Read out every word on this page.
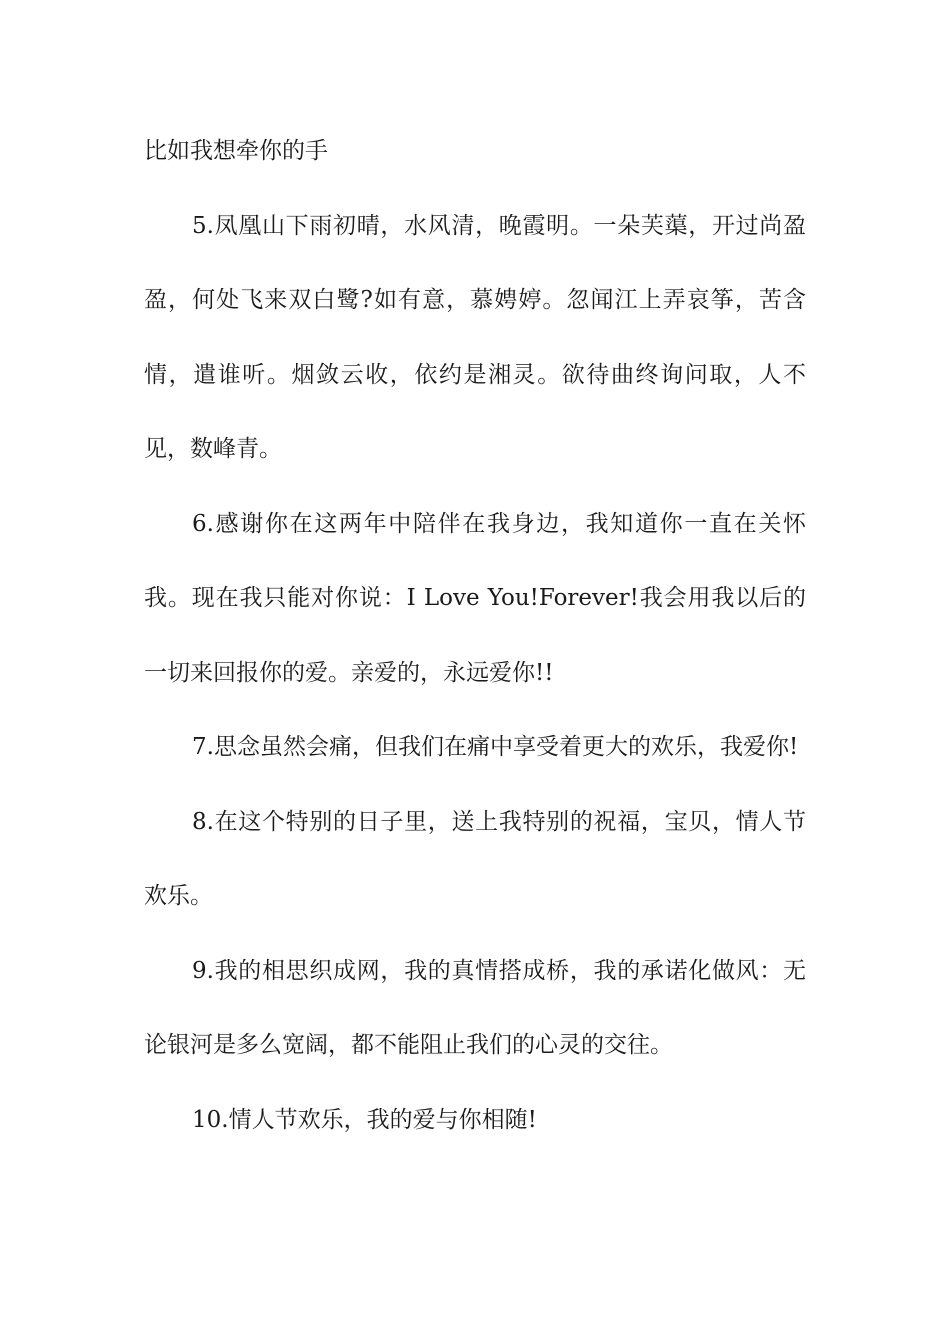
比如我想牵你的手

5.凤凰山下雨初晴，水风清，晚霞明。一朵芙蕖，开过尚盈盈，何处飞来双白鹭?如有意，慕娉婷。忽闻江上弄哀筝，苦含情，遣谁听。烟敛云收，依约是湘灵。欲待曲终询问取，人不见，数峰青。

6.感谢你在这两年中陪伴在我身边，我知道你一直在关怀我。现在我只能对你说：I Love You!Forever!我会用我以后的一切来回报你的爱。亲爱的，永远爱你!!

7.思念虽然会痛，但我们在痛中享受着更大的欢乐，我爱你!

8.在这个特别的日子里，送上我特别的祝福，宝贝，情人节欢乐。

9.我的相思织成网，我的真情搭成桥，我的承诺化做风：无论银河是多么宽阔，都不能阻止我们的心灵的交往。

10.情人节欢乐，我的爱与你相随!
